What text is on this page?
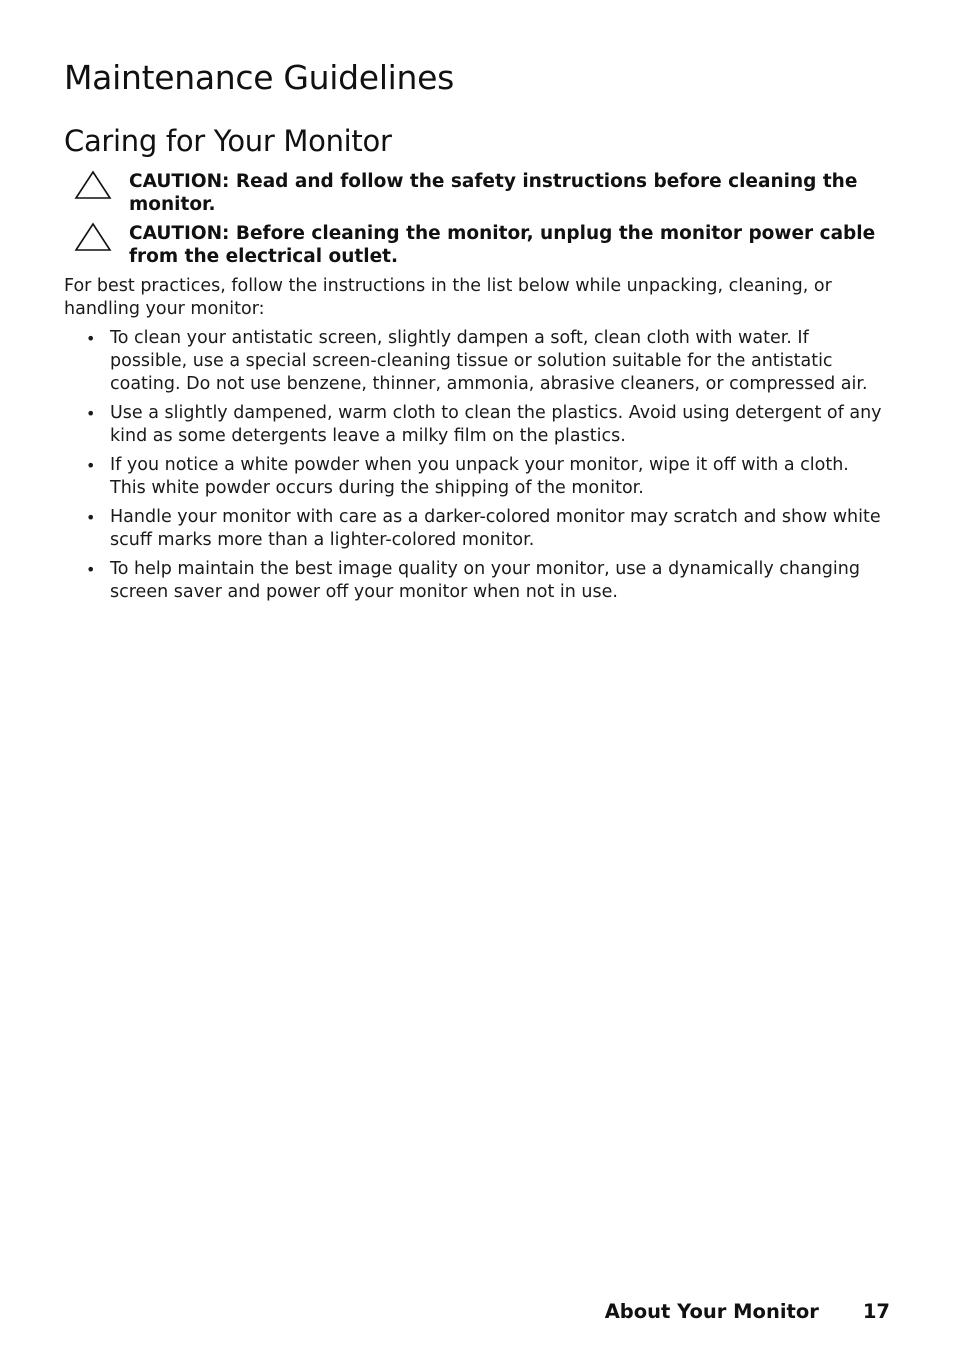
Maintenance Guidelines
Caring for Your Monitor
CAUTION: Read and follow the safety instructions before cleaning the monitor.
CAUTION: Before cleaning the monitor, unplug the monitor power cable from the electrical outlet.

For best practices, follow the instructions in the list below while unpacking, cleaning, or handling your monitor:

• To clean your antistatic screen, slightly dampen a soft, clean cloth with water. If possible, use a special screen-cleaning tissue or solution suitable for the antistatic coating. Do not use benzene, thinner, ammonia, abrasive cleaners, or compressed air.
• Use a slightly dampened, warm cloth to clean the plastics. Avoid using detergent of any kind as some detergents leave a milky film on the plastics.
• If you notice a white powder when you unpack your monitor, wipe it off with a cloth. This white powder occurs during the shipping of the monitor.
• Handle your monitor with care as a darker-colored monitor may scratch and show white scuff marks more than a lighter-colored monitor.
• To help maintain the best image quality on your monitor, use a dynamically changing screen saver and power off your monitor when not in use.
About Your Monitor 17
